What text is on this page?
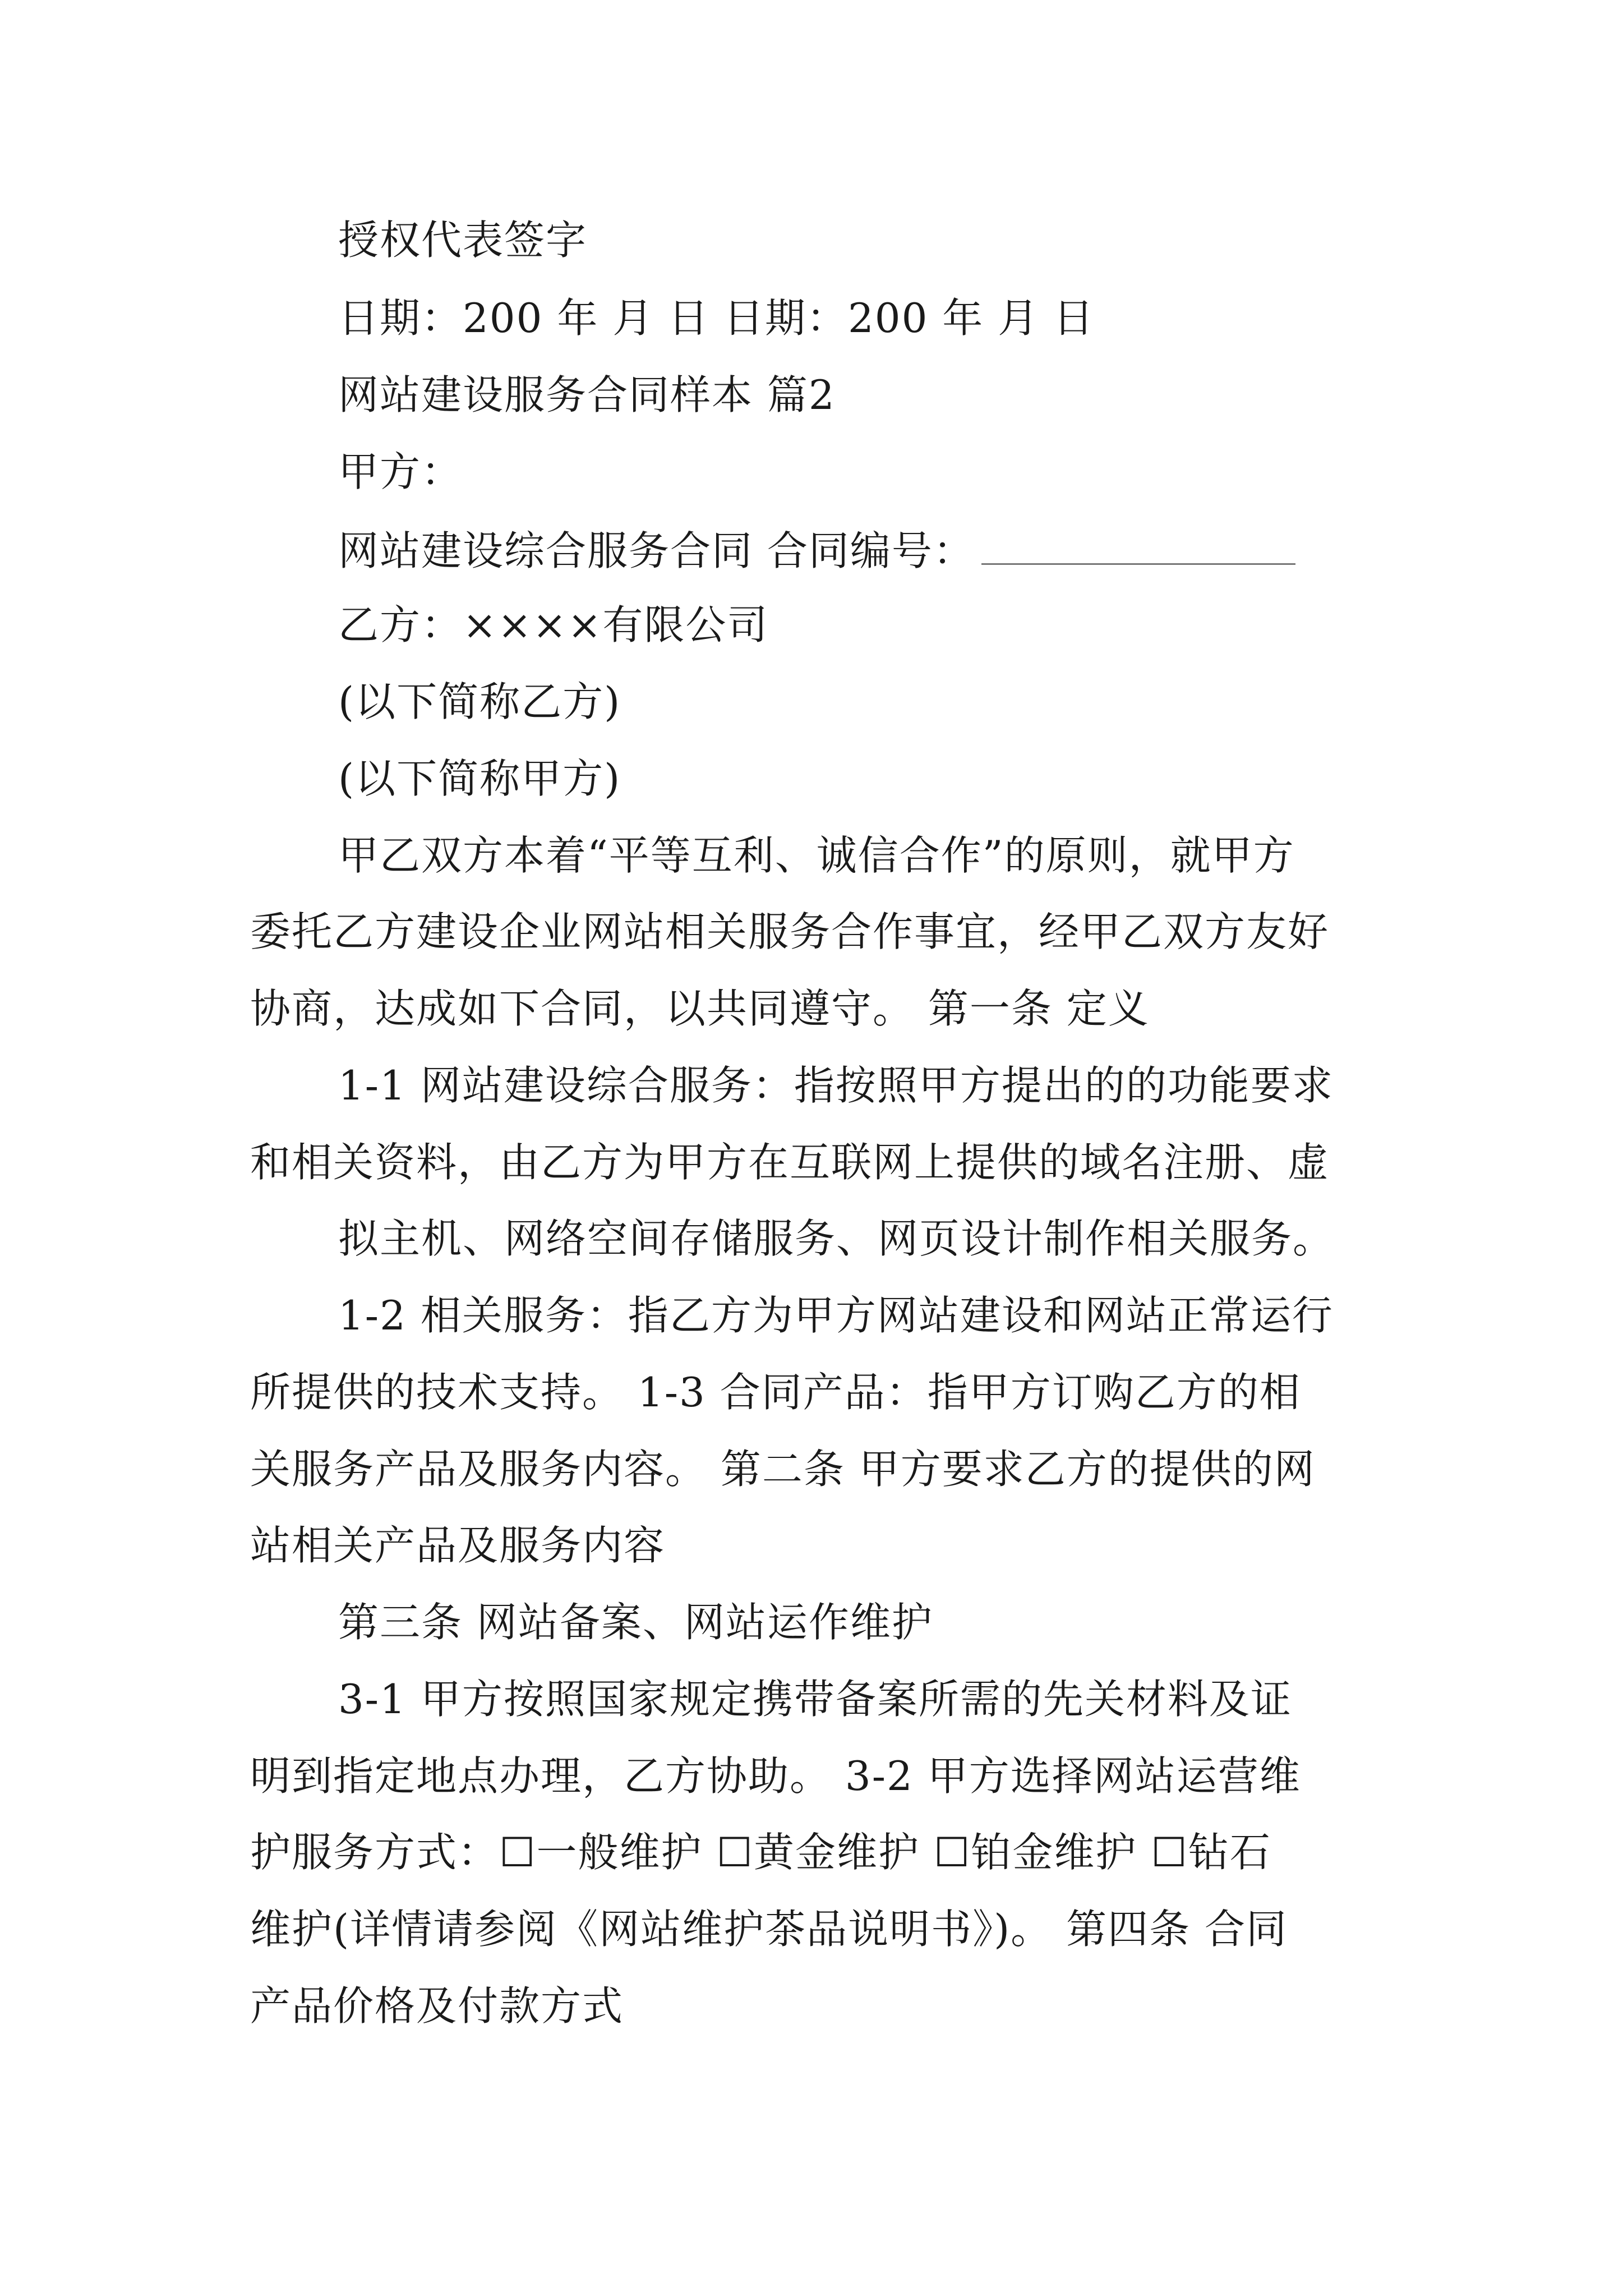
授权代表签字
日期：200 年 月 日 日期：200 年 月 日
网站建设服务合同样本 篇2
甲方：
网站建设综合服务合同 合同编号：
乙方：××××有限公司
(以下简称乙方)
(以下简称甲方)
甲乙双方本着“平等互利、诚信合作”的原则，就甲方
委托乙方建设企业网站相关服务合作事宜，经甲乙双方友好
协商，达成如下合同，以共同遵守。 第一条 定义
1-1 网站建设综合服务：指按照甲方提出的的功能要求
和相关资料，由乙方为甲方在互联网上提供的域名注册、虚
拟主机、网络空间存储服务、网页设计制作相关服务。
1-2 相关服务：指乙方为甲方网站建设和网站正常运行
所提供的技术支持。 1-3 合同产品：指甲方订购乙方的相
关服务产品及服务内容。 第二条 甲方要求乙方的提供的网
站相关产品及服务内容
第三条 网站备案、网站运作维护
3-1 甲方按照国家规定携带备案所需的先关材料及证
明到指定地点办理，乙方协助。 3-2 甲方选择网站运营维
护服务方式：☐一般维护 ☐黄金维护 ☐铂金维护 ☐钻石
维护(详情请参阅《网站维护茶品说明书》)。 第四条 合同
产品价格及付款方式
